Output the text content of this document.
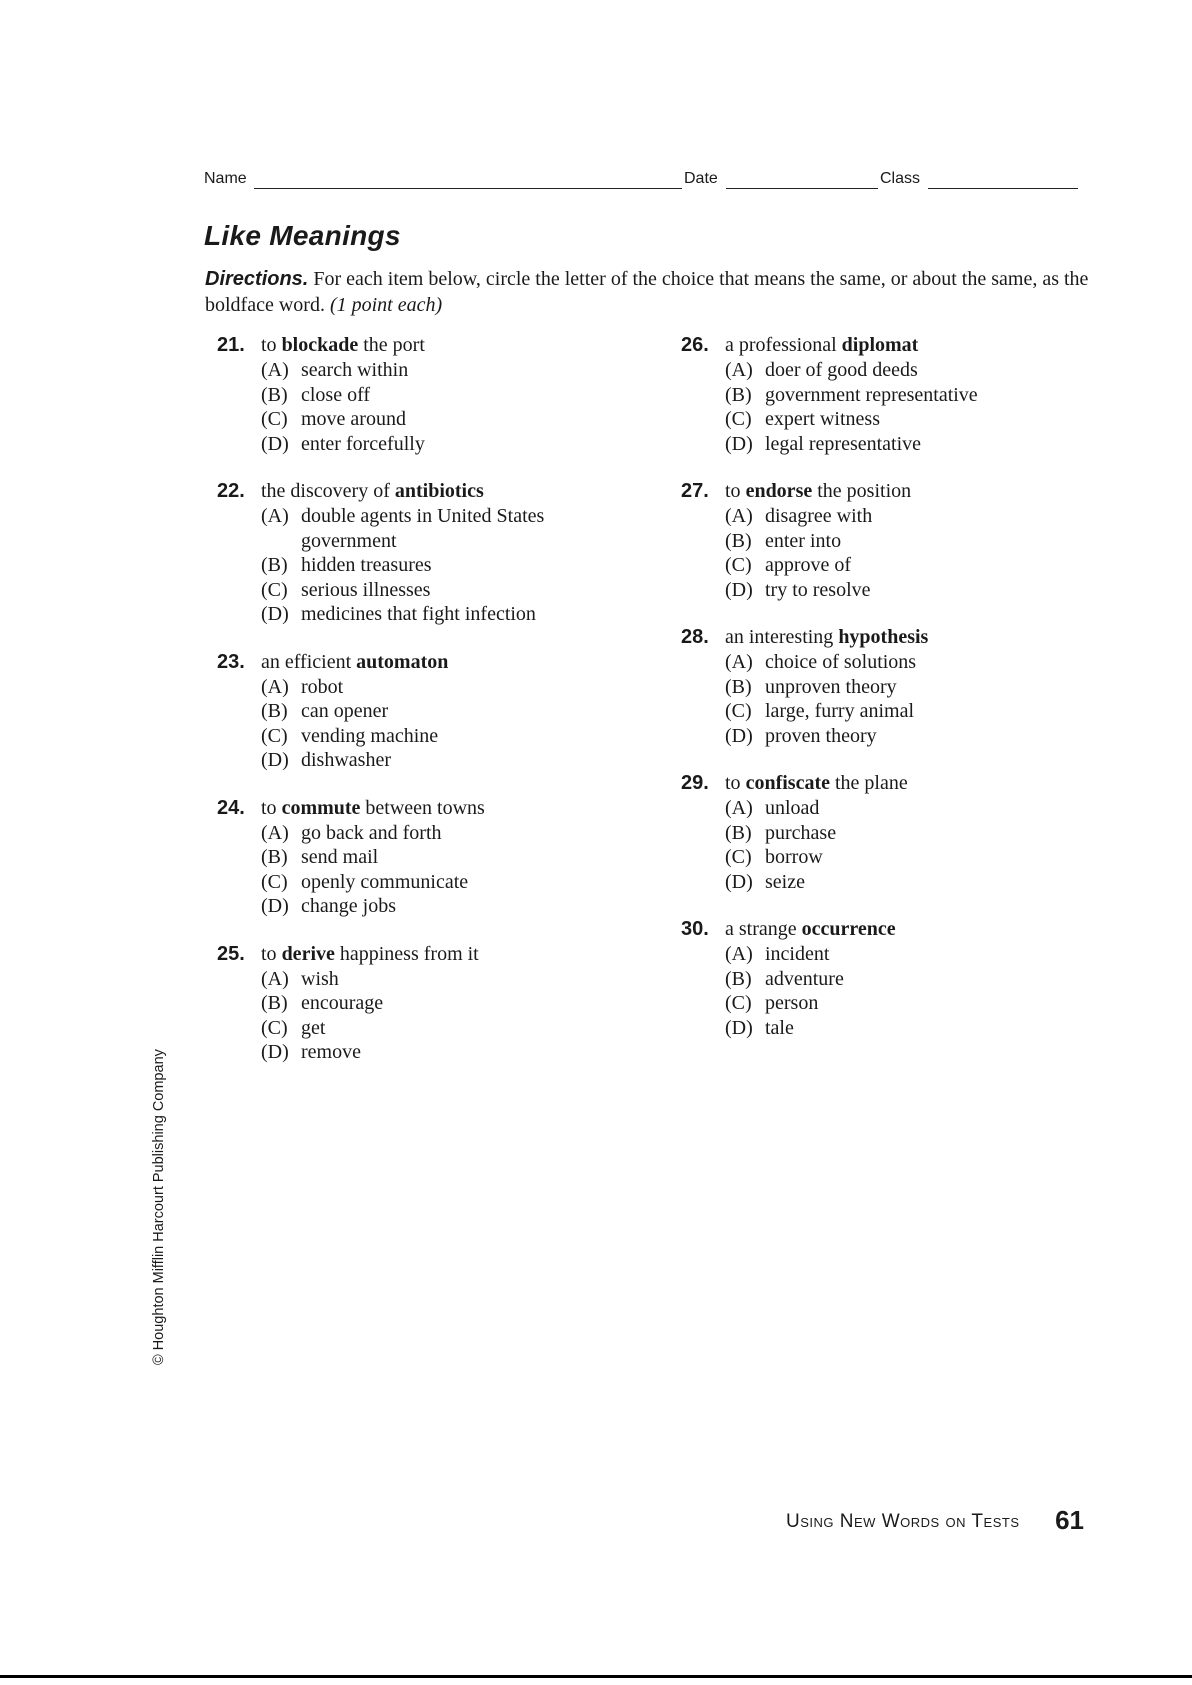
Name	Date	Class
Like Meanings

Directions. For each item below, circle the letter of the choice that means the same, or about the same, as the boldface word. (1 point each)

21. to blockade the port

(A) search within
(B) close off
(C) move around
(D) enter forcefully
22. the discovery of antibiotics

(A) double agents in United States government
(B) hidden treasures
(C) serious illnesses
(D) medicines that fight infection
23. an efficient automaton

(A) robot
(B) can opener
(C) vending machine
(D) dishwasher
24. to commute between towns

(A) go back and forth
(B) send mail
(C) openly communicate
(D) change jobs
25. to derive happiness from it

(A) wish
(B) encourage
(C) get
(D) remove
26. a professional diplomat

(A) doer of good deeds
(B) government representative
(C) expert witness
(D) legal representative
27. to endorse the position

(A) disagree with
(B) enter into
(C) approve of
(D) try to resolve
28. an interesting hypothesis

(A) choice of solutions
(B) unproven theory
(C) large, furry animal
(D) proven theory
29. to confiscate the plane

(A) unload
(B) purchase
(C) borrow
(D) seize
30. a strange occurrence

(A) incident
(B) adventure
(C) person
(D) tale
© Houghton Mifflin Harcourt Publishing Company
Using New Words on Tests 61
